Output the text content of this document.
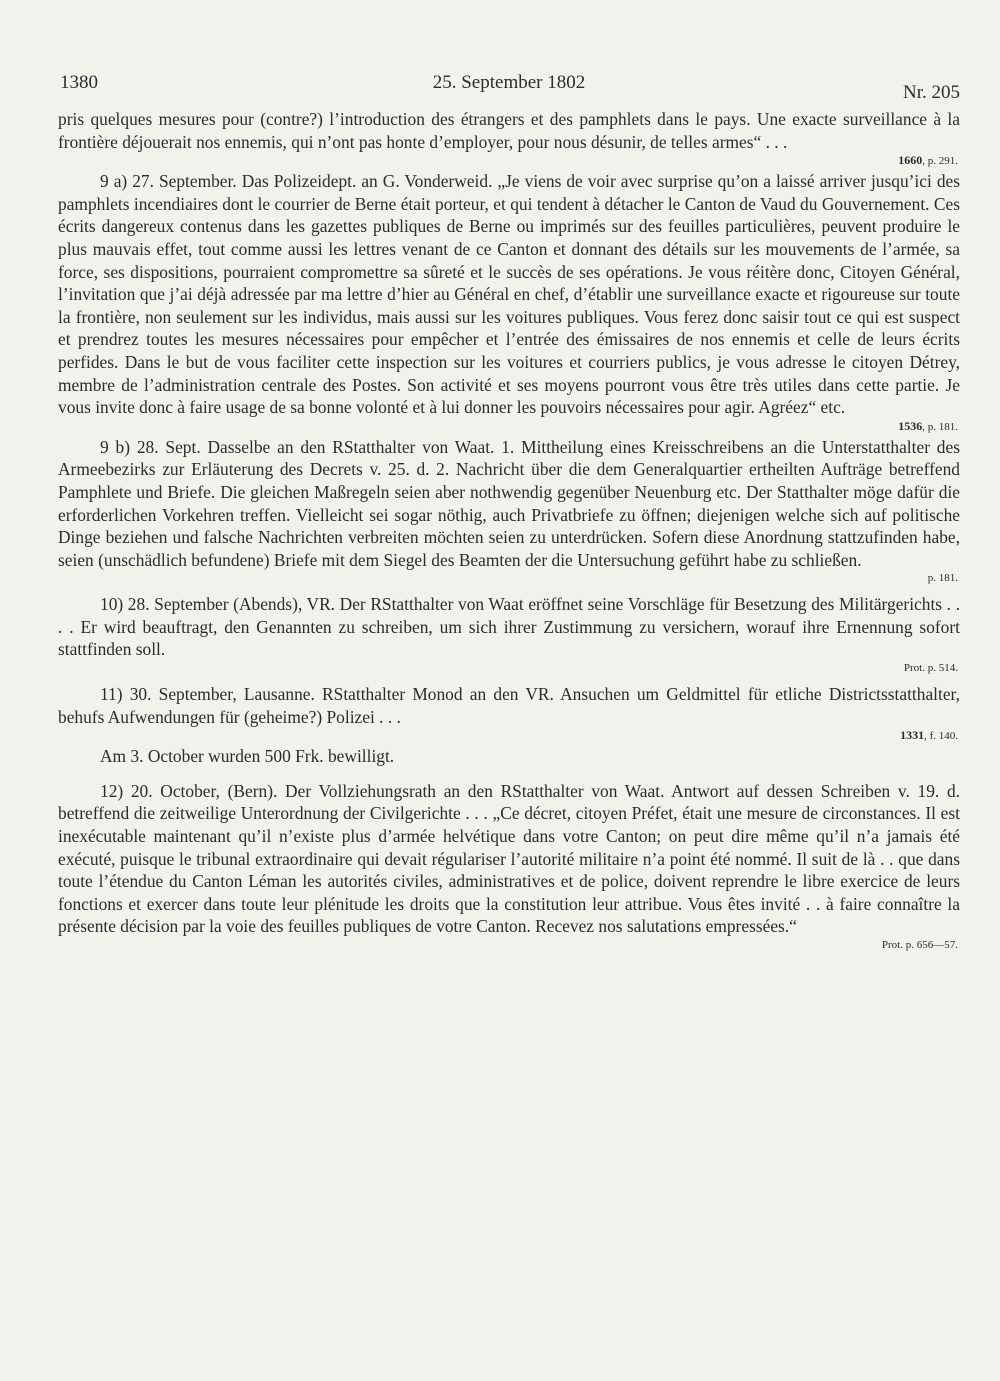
1380	25. September 1802	Nr. 205

pris quelques mesures pour (contre?) l’introduction des étrangers et des pamphlets dans le pays. Une exacte surveillance à la frontière déjouerait nos ennemis, qui n’ont pas honte d’employer, pour nous désunir, de telles armes“ . . .

1660, p. 291.

9 a) 27. September. Das Polizeidept. an G. Vonderweid. „Je viens de voir avec surprise qu’on a laissé arriver jusqu’ici des pamphlets incendiaires dont le courrier de Berne était porteur, et qui tendent à détacher le Canton de Vaud du Gouvernement. Ces écrits dangereux contenus dans les gazettes publiques de Berne ou imprimés sur des feuilles particulières, peuvent produire le plus mauvais effet, tout comme aussi les lettres venant de ce Canton et donnant des détails sur les mouvements de l’armée, sa force, ses dispositions, pourraient compromettre sa sûreté et le succès de ses opérations. Je vous réitère donc, Citoyen Général, l’invitation que j’ai déjà adressée par ma lettre d’hier au Général en chef, d’établir une surveillance exacte et rigoureuse sur toute la frontière, non seulement sur les individus, mais aussi sur les voitures publiques. Vous ferez donc saisir tout ce qui est suspect et prendrez toutes les mesures nécessaires pour empêcher et l’entrée des émissaires de nos ennemis et celle de leurs écrits perfides. Dans le but de vous faciliter cette inspection sur les voitures et courriers publics, je vous adresse le citoyen Détrey, membre de l’administration centrale des Postes. Son activité et ses moyens pourront vous être très utiles dans cette partie. Je vous invite donc à faire usage de sa bonne volonté et à lui donner les pouvoirs nécessaires pour agir. Agréez“ etc.

1536, p. 181.

9 b) 28. Sept. Dasselbe an den RStatthalter von Waat. 1. Mittheilung eines Kreisschreibens an die Unterstatthalter des Armeebezirks zur Erläuterung des Decrets v. 25. d. 2. Nachricht über die dem Generalquartier ertheilten Aufträge betreffend Pamphlete und Briefe. Die gleichen Maßregeln seien aber nothwendig gegenüber Neuenburg etc. Der Statthalter möge dafür die erforderlichen Vorkehren treffen. Vielleicht sei sogar nöthig, auch Privatbriefe zu öffnen; diejenigen welche sich auf politische Dinge beziehen und falsche Nachrichten verbreiten möchten seien zu unterdrücken. Sofern diese Anordnung stattzufinden habe, seien (unschädlich befundene) Briefe mit dem Siegel des Beamten der die Untersuchung geführt habe zu schließen.

p. 181.

10) 28. September (Abends), VR. Der RStatthalter von Waat eröffnet seine Vorschläge für Besetzung des Militärgerichts . . . . Er wird beauftragt, den Genannten zu schreiben, um sich ihrer Zustimmung zu versichern, worauf ihre Ernennung sofort stattfinden soll.

Prot. p. 514.

11) 30. September, Lausanne. RStatthalter Monod an den VR. Ansuchen um Geldmittel für etliche Districtsstatthalter, behufs Aufwendungen für (geheime?) Polizei . . .

1331, f. 140.

Am 3. October wurden 500 Frk. bewilligt.

12) 20. October, (Bern). Der Vollziehungsrath an den RStatthalter von Waat. Antwort auf dessen Schreiben v. 19. d. betreffend die zeitweilige Unterordnung der Civilgerichte . . . „Ce décret, citoyen Préfet, était une mesure de circonstances. Il est inexécutable maintenant qu’il n’existe plus d’armée helvétique dans votre Canton; on peut dire même qu’il n’a jamais été exécuté, puisque le tribunal extraordinaire qui devait régulariser l’autorité militaire n’a point été nommé. Il suit de là . . que dans toute l’étendue du Canton Léman les autorités civiles, administratives et de police, doivent reprendre le libre exercice de leurs fonctions et exercer dans toute leur plénitude les droits que la constitution leur attribue. Vous êtes invité . . à faire connaître la présente décision par la voie des feuilles publiques de votre Canton. Recevez nos salutations empressées.“

Prot. p. 656—57.
